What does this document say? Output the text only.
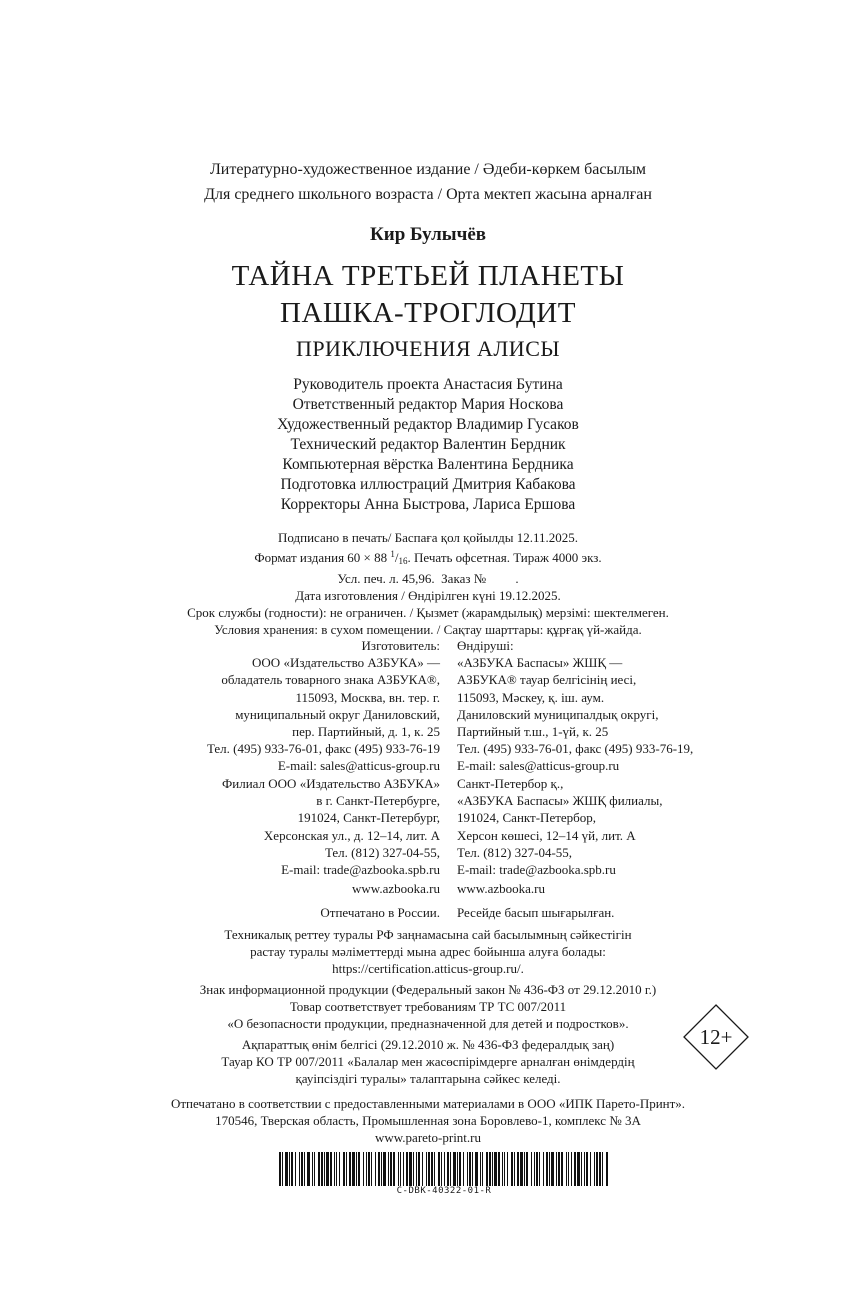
Литературно-художественное издание / Әдеби-көркем басылым
Для среднего школьного возраста / Орта мектеп жасына арналған
Кир Булычёв
ТАЙНА ТРЕТЬЕЙ ПЛАНЕТЫ
ПАШКА-ТРОГЛОДИТ
ПРИКЛЮЧЕНИЯ АЛИСЫ
Руководитель проекта Анастасия Бутина
Ответственный редактор Мария Носкова
Художественный редактор Владимир Гусаков
Технический редактор Валентин Бердник
Компьютерная вёрстка Валентина Бердника
Подготовка иллюстраций Дмитрия Кабакова
Корректоры Анна Быстрова, Лариса Ершова
Подписано в печать/ Баспаға қол қойылды 12.11.2025.
Формат издания 60 × 88 $^1/_{16}$. Печать офсетная. Тираж 4000 экз.
Усл. печ. л. 45,96.  Заказ №         .
Дата изготовления / Өндірілген күні 19.12.2025.
Срок службы (годности): не ограничен. / Қызмет (жарамдылық) мерзімі: шектелмеген.
Условия хранения: в сухом помещении. / Сақтау шарттары: құрғақ үй-жайда.
Изготовитель:
ООО «Издательство АЗБУКА» —
обладатель товарного знака АЗБУКА®,
115093, Москва, вн. тер. г.
муниципальный округ Даниловский,
пер. Партийный, д. 1, к. 25
Тел. (495) 933-76-01, факс (495) 933-76-19
E-mail: sales@atticus-group.ru
Өндіруші:
«АЗБУКА Баспасы» ЖШҚ —
АЗБУКА® тауар белгісінің иесі,
115093, Мәскеу, қ. іш. аум.
Даниловский муниципалдық округі,
Партийный т.ш., 1-үй, к. 25
Тел. (495) 933-76-01, факс (495) 933-76-19,
E-mail: sales@atticus-group.ru
Филиал ООО «Издательство АЗБУКА»
в г. Санкт-Петербурге,
191024, Санкт-Петербург,
Херсонская ул., д. 12–14, лит. А
Тел. (812) 327-04-55,
E-mail: trade@azbooka.spb.ru
Санкт-Петербор қ.,
«АЗБУКА Баспасы» ЖШҚ филиалы,
191024, Санкт-Петербор,
Херсон көшесі, 12–14 үй, лит. А
Тел. (812) 327-04-55,
E-mail: trade@azbooka.spb.ru
www.azbooka.ru www.azbooka.ru
Отпечатано в России. Ресейде басып шығарылған.
Техникалық реттеу туралы РФ заңнамасына сай басылымның сәйкестігін
растау туралы мәліметтерді мына адрес бойынша алуға болады:
https://certification.atticus-group.ru/.
Знак информационной продукции (Федеральный закон № 436-ФЗ от 29.12.2010 г.)
Товар соответствует требованиям ТР ТС 007/2011
«О безопасности продукции, предназначенной для детей и подростков».
12+
Ақпараттық өнім белгісі (29.12.2010 ж. № 436-ФЗ федералдық заң)
Тауар КО ТР 007/2011 «Балалар мен жасөспірімдерге арналған өнімдердің
қауіпсіздігі туралы» талаптарына сәйкес келеді.
Отпечатано в соответствии с предоставленными материалами в ООО «ИПК Парето-Принт».
170546, Тверская область, Промышленная зона Боровлево-1, комплекс № 3А
www.pareto-print.ru
C-DBK-40322-01-R
